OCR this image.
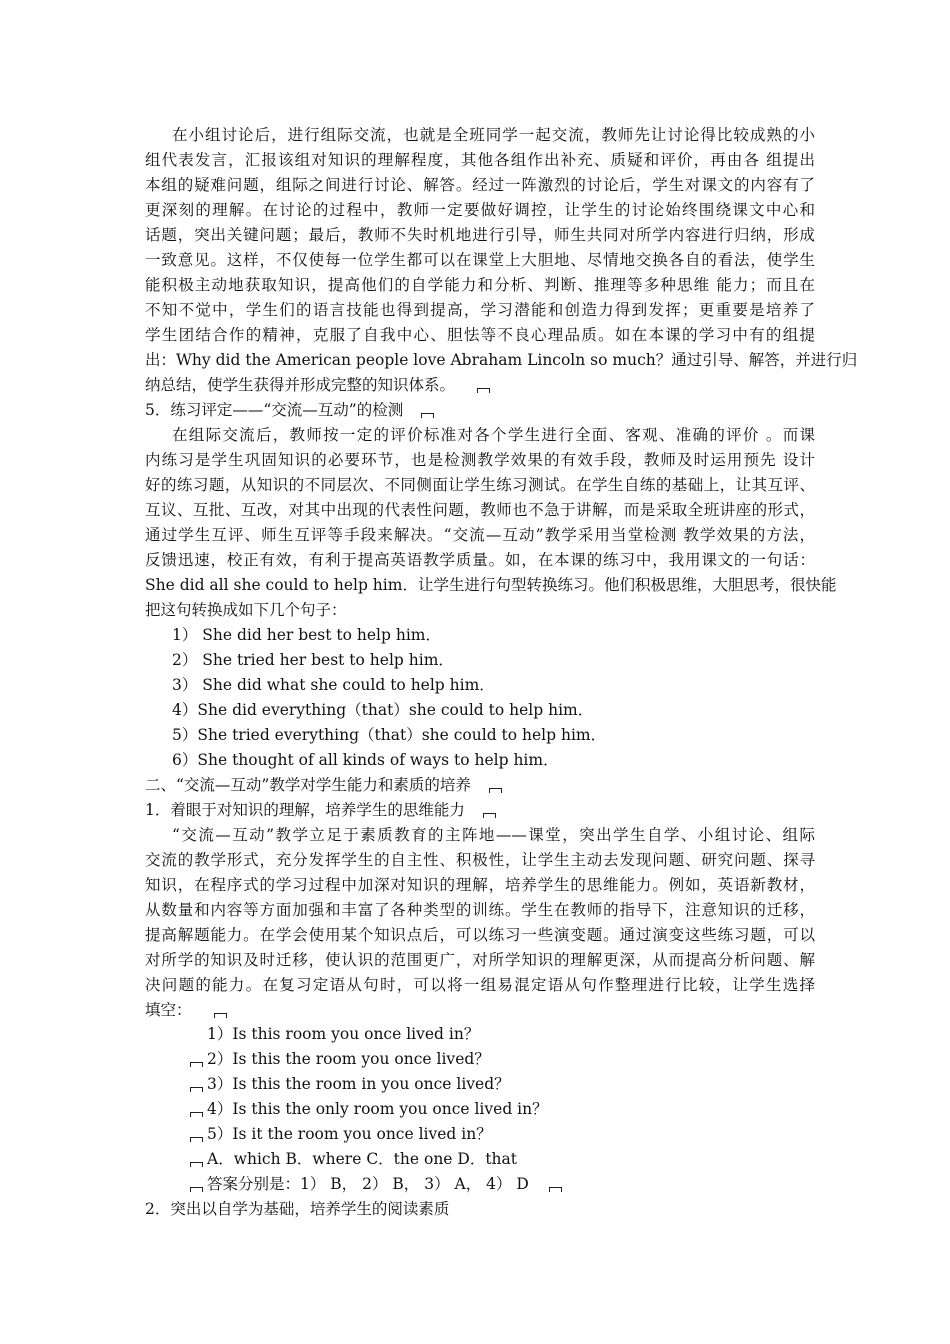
在小组讨论后，进行组际交流，也就是全班同学一起交流，教师先让讨论得比较成熟的小
组代表发言，汇报该组对知识的理解程度，其他各组作出补充、质疑和评价，再由各 组提出
本组的疑难问题，组际之间进行讨论、解答。经过一阵激烈的讨论后，学生对课文的内容有了
更深刻的理解。在讨论的过程中，教师一定要做好调控，让学生的讨论始终围绕课文中心和
话题，突出关键问题；最后，教师不失时机地进行引导，师生共同对所学内容进行归纳，形成
一致意见。这样，不仅使每一位学生都可以在课堂上大胆地、尽情地交换各自的看法，使学生
能积极主动地获取知识，提高他们的自学能力和分析、判断、推理等多种思维 能力；而且在
不知不觉中，学生们的语言技能也得到提高，学习潜能和创造力得到发挥；更重要是培养了
学生团结合作的精神，克服了自我中心、胆怯等不良心理品质。如在本课的学习中有的组提
出：Why did the American people love Abraham Lincoln so much？通过引导、解答，并进行归
纳总结，使学生获得并形成完整的知识体系。
5．练习评定——“交流—互动”的检测
在组际交流后，教师按一定的评价标准对各个学生进行全面、客观、准确的评价 。而课
内练习是学生巩固知识的必要环节，也是检测教学效果的有效手段，教师及时运用预先 设计
好的练习题，从知识的不同层次、不同侧面让学生练习测试。在学生自练的基础上，让其互评、
互议、互批、互改，对其中出现的代表性问题，教师也不急于讲解，而是采取全班讲座的形式，
通过学生互评、师生互评等手段来解决。“交流—互动”教学采用当堂检测 教学效果的方法，
反馈迅速，校正有效，有利于提高英语教学质量。如，在本课的练习中，我用课文的一句话：
She did all she could to help him．让学生进行句型转换练习。他们积极思维，大胆思考，很快能
把这句转换成如下几个句子：
1） She did her best to help him．
2） She tried her best to help him．
3） She did what she could to help him．
4）She did everything（that）she could to help him．
5）She tried everything（that）she could to help him．
6）She thought of all kinds of ways to help him．
二、“交流—互动”教学对学生能力和素质的培养
1．着眼于对知识的理解，培养学生的思维能力
“交流—互动”教学立足于素质教育的主阵地——课堂，突出学生自学、小组讨论、组际
交流的教学形式，充分发挥学生的自主性、积极性，让学生主动去发现问题、研究问题、探寻
知识，在程序式的学习过程中加深对知识的理解，培养学生的思维能力。例如，英语新教材，
从数量和内容等方面加强和丰富了各种类型的训练。学生在教师的指导下，注意知识的迁移，
提高解题能力。在学会使用某个知识点后，可以练习一些演变题。通过演变这些练习题，可以
对所学的知识及时迁移，使认识的范围更广，对所学知识的理解更深，从而提高分析问题、解
决问题的能力。在复习定语从句时，可以将一组易混定语从句作整理进行比较，让学生选择
填空：
1）Is this room you once lived in？
2）Is this the room you once lived？
3）Is this the room in you once lived？
4）Is this the only room you once lived in？
5）Is it the room you once lived in？
A．which B．where C．the one D．that
答案分别是：1） B， 2） B， 3） A， 4） D
2．突出以自学为基础，培养学生的阅读素质
